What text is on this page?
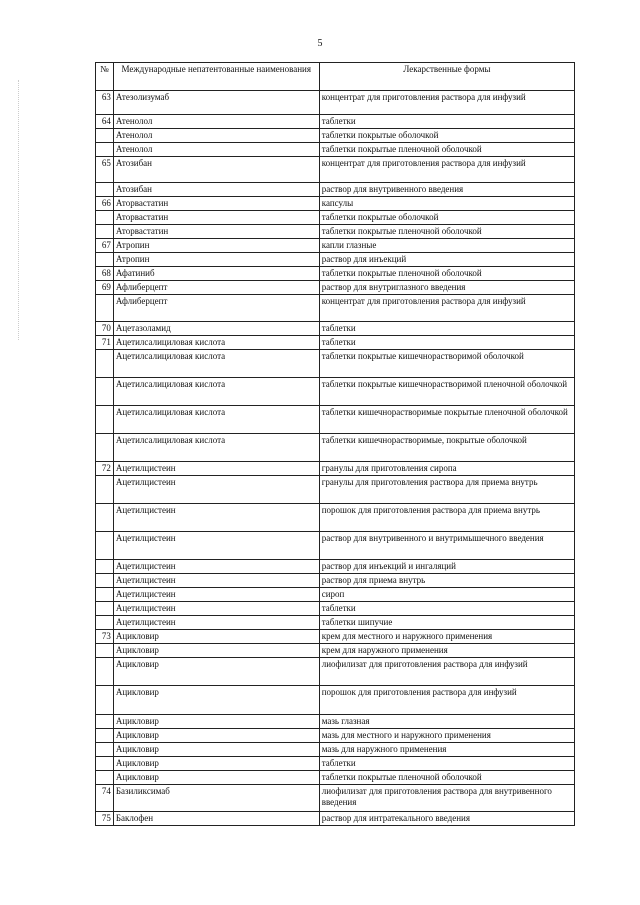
5
№	Международные непатентованные наименования	Лекарственные формы
63	Атезолизумаб	концентрат для приготовления раствора для инфузий
64	Атенолол	таблетки
	Атенолол	таблетки покрытые оболочкой
	Атенолол	таблетки покрытые пленочной оболочкой
65	Атозибан	концентрат для приготовления раствора для инфузий
	Атозибан	раствор для внутривенного введения
66	Аторвастатин	капсулы
	Аторвастатин	таблетки покрытые оболочкой
	Аторвастатин	таблетки покрытые пленочной оболочкой
67	Атропин	капли глазные
	Атропин	раствор для инъекций
68	Афатиниб	таблетки покрытые пленочной оболочкой
69	Афлиберцепт	раствор для внутриглазного введения
	Афлиберцепт	концентрат для приготовления раствора для инфузий
70	Ацетазоламид	таблетки
71	Ацетилсалициловая кислота	таблетки
	Ацетилсалициловая кислота	таблетки покрытые кишечнорастворимой оболочкой
	Ацетилсалициловая кислота	таблетки покрытые кишечнорастворимой пленочной оболочкой
	Ацетилсалициловая кислота	таблетки кишечнорастворимые покрытые пленочной оболочкой
	Ацетилсалициловая кислота	таблетки кишечнорастворимые, покрытые оболочкой
72	Ацетилцистеин	гранулы для приготовления сиропа
	Ацетилцистеин	гранулы для приготовления раствора для приема внутрь
	Ацетилцистеин	порошок для приготовления раствора для приема внутрь
	Ацетилцистеин	раствор для внутривенного и внутримышечного введения
	Ацетилцистеин	раствор для инъекций и ингаляций
	Ацетилцистеин	раствор для приема внутрь
	Ацетилцистеин	сироп
	Ацетилцистеин	таблетки
	Ацетилцистеин	таблетки шипучие
73	Ацикловир	крем для местного и наружного применения
	Ацикловир	крем для наружного применения
	Ацикловир	лиофилизат для приготовления раствора для инфузий
	Ацикловир	порошок для приготовления раствора для инфузий
	Ацикловир	мазь глазная
	Ацикловир	мазь для местного и наружного применения
	Ацикловир	мазь для наружного применения
	Ацикловир	таблетки
	Ацикловир	таблетки покрытые пленочной оболочкой
74	Базиликсимаб	лиофилизат для приготовления раствора для внутривенного введения
75	Баклофен	раствор для интратекального введения
